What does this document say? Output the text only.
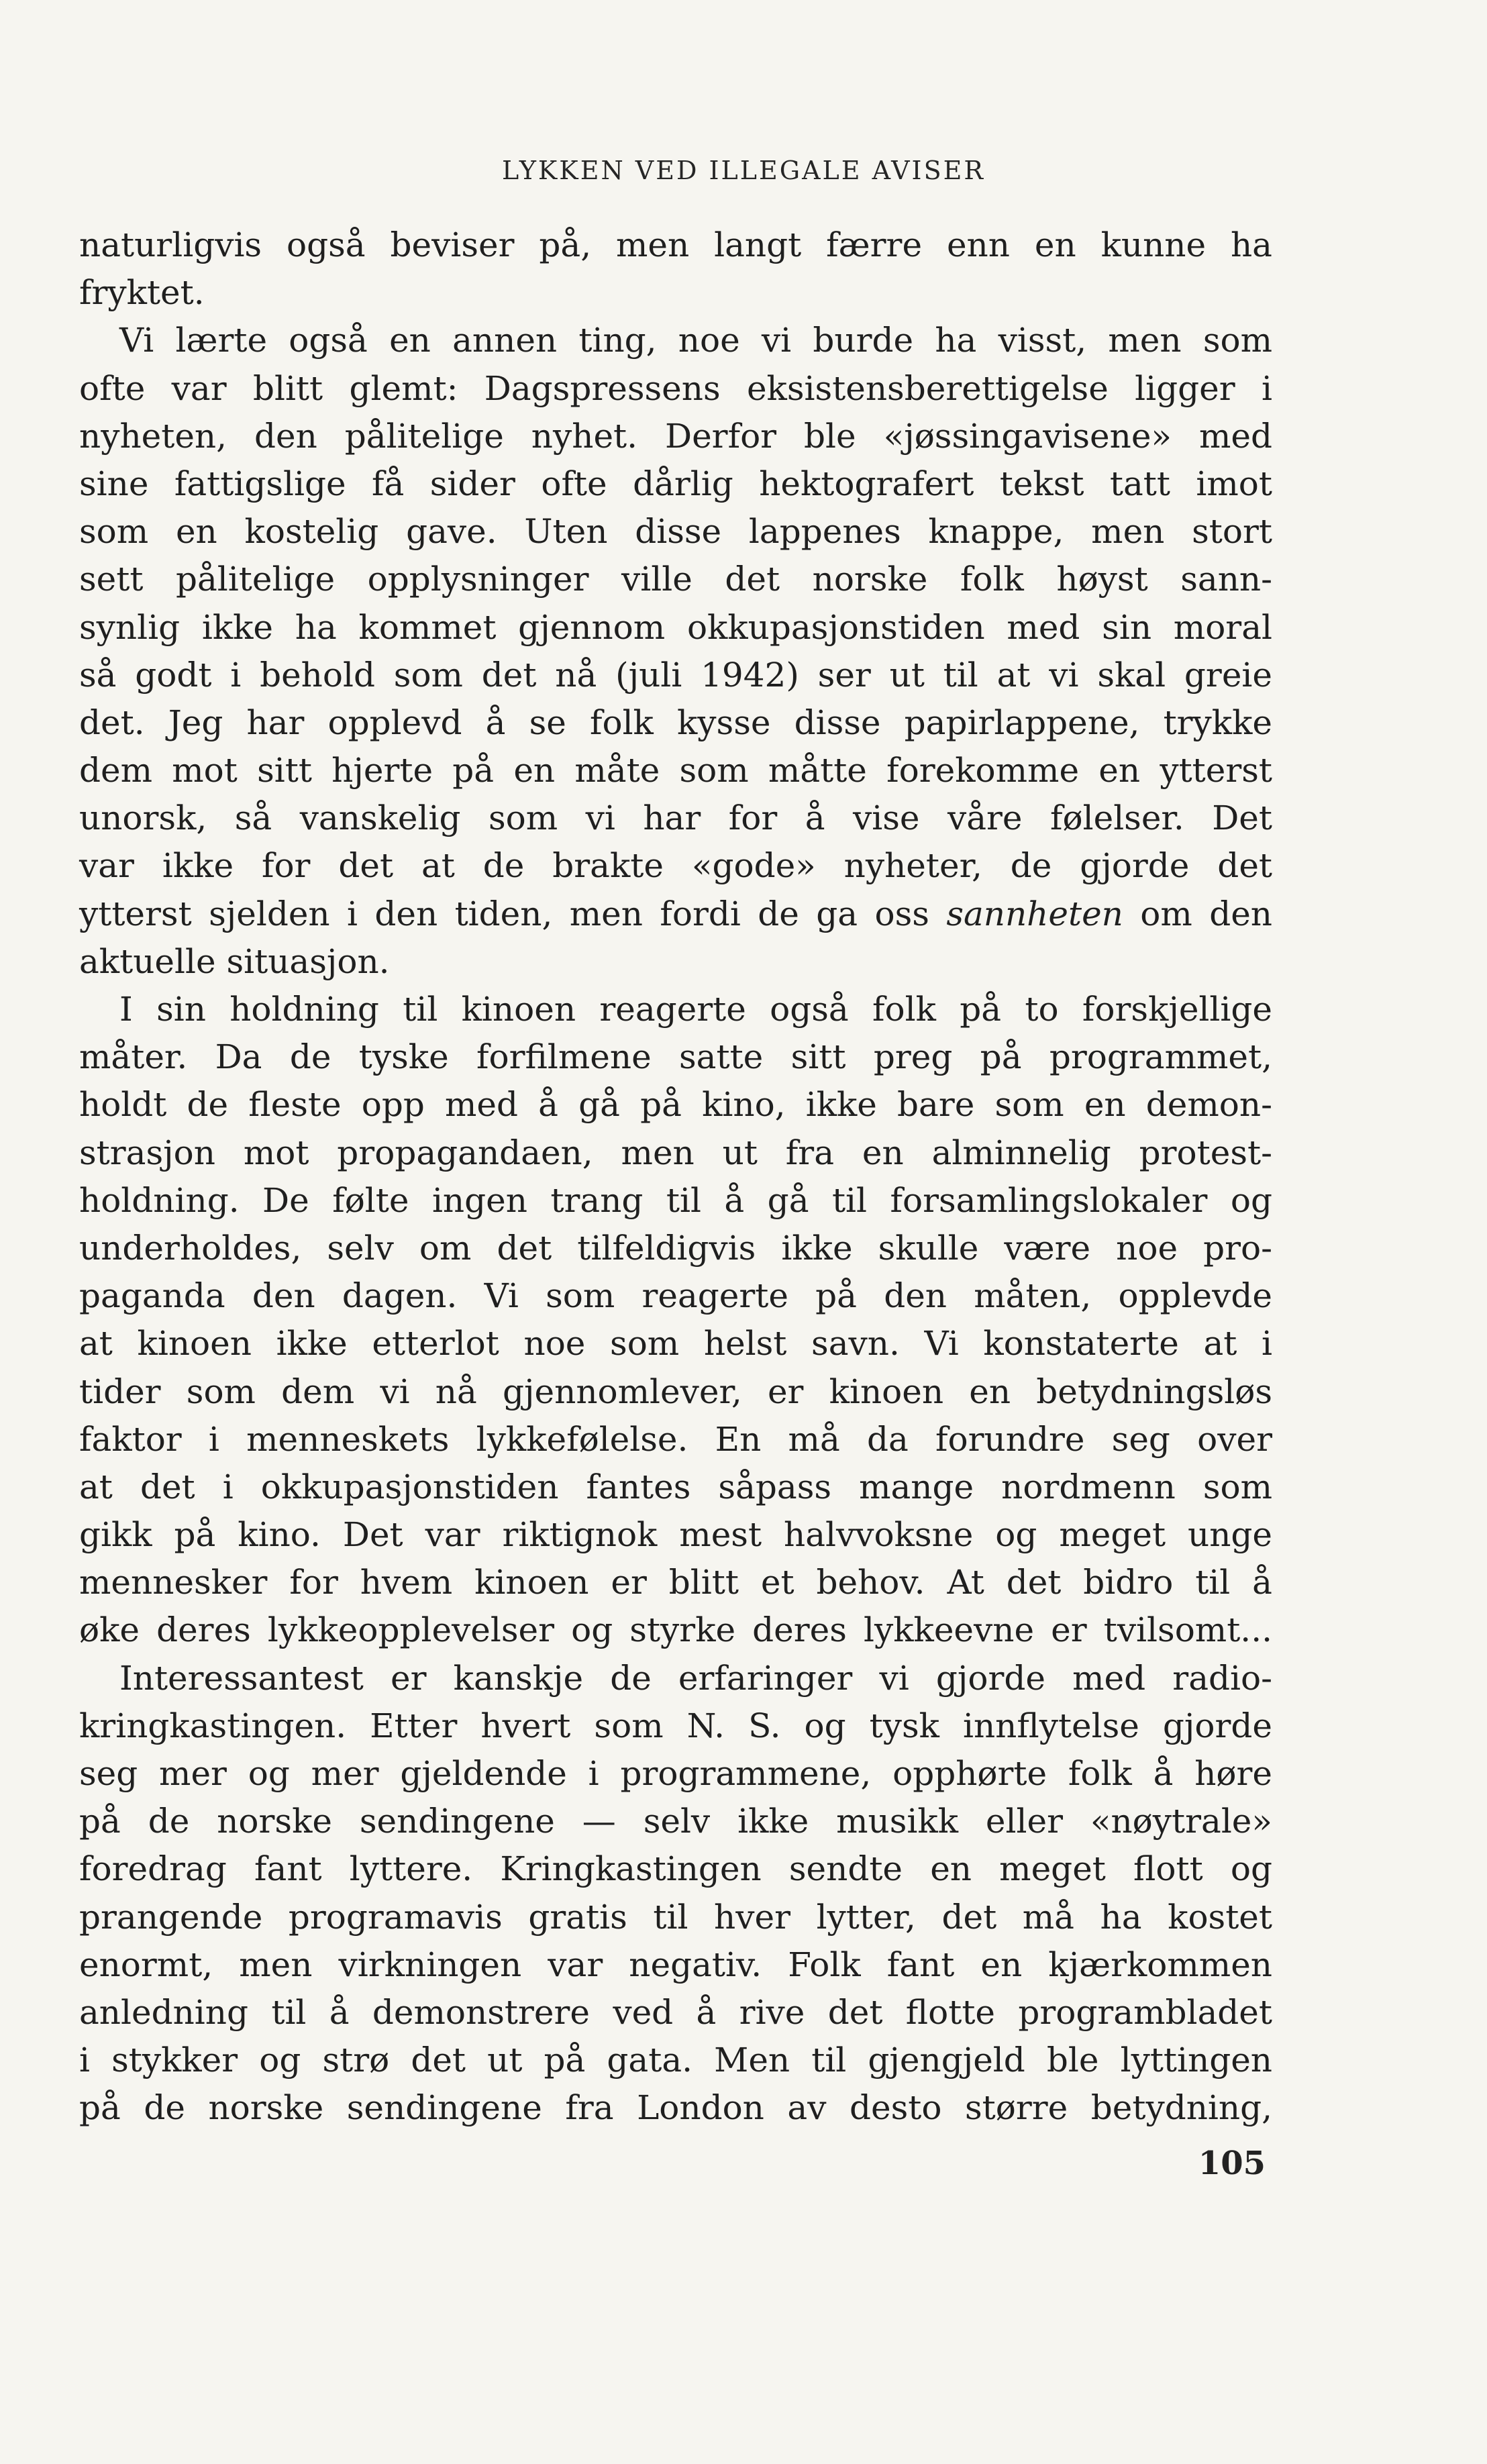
LYKKEN VED ILLEGALE AVISER
naturligvis også beviser på, men langt færre enn en kunne ha
fryktet.
Vi lærte også en annen ting, noe vi burde ha visst, men som
ofte var blitt glemt: Dagspressens eksistensberettigelse ligger i
nyheten, den pålitelige nyhet. Derfor ble «jøssingavisene» med
sine fattigslige få sider ofte dårlig hektografert tekst tatt imot
som en kostelig gave. Uten disse lappenes knappe, men stort
sett pålitelige opplysninger ville det norske folk høyst sann-
synlig ikke ha kommet gjennom okkupasjonstiden med sin moral
så godt i behold som det nå (juli 1942) ser ut til at vi skal greie
det. Jeg har opplevd å se folk kysse disse papirlappene, trykke
dem mot sitt hjerte på en måte som måtte forekomme en ytterst
unorsk, så vanskelig som vi har for å vise våre følelser. Det
var ikke for det at de brakte «gode» nyheter, de gjorde det
ytterst sjelden i den tiden, men fordi de ga oss sannheten om den
aktuelle situasjon.
I sin holdning til kinoen reagerte også folk på to forskjellige
måter. Da de tyske forfilmene satte sitt preg på programmet,
holdt de fleste opp med å gå på kino, ikke bare som en demon-
strasjon mot propagandaen, men ut fra en alminnelig protest-
holdning. De følte ingen trang til å gå til forsamlingslokaler og
underholdes, selv om det tilfeldigvis ikke skulle være noe pro-
paganda den dagen. Vi som reagerte på den måten, opplevde
at kinoen ikke etterlot noe som helst savn. Vi konstaterte at i
tider som dem vi nå gjennomlever, er kinoen en betydningsløs
faktor i menneskets lykkefølelse. En må da forundre seg over
at det i okkupasjonstiden fantes såpass mange nordmenn som
gikk på kino. Det var riktignok mest halvvoksne og meget unge
mennesker for hvem kinoen er blitt et behov. At det bidro til å
øke deres lykkeopplevelser og styrke deres lykkeevne er tvilsomt...
Interessantest er kanskje de erfaringer vi gjorde med radio-
kringkastingen. Etter hvert som N. S. og tysk innflytelse gjorde
seg mer og mer gjeldende i programmene, opphørte folk å høre
på de norske sendingene — selv ikke musikk eller «nøytrale»
foredrag fant lyttere. Kringkastingen sendte en meget flott og
prangende programavis gratis til hver lytter, det må ha kostet
enormt, men virkningen var negativ. Folk fant en kjærkommen
anledning til å demonstrere ved å rive det flotte programbladet
i stykker og strø det ut på gata. Men til gjengjeld ble lyttingen
på de norske sendingene fra London av desto større betydning,
105
